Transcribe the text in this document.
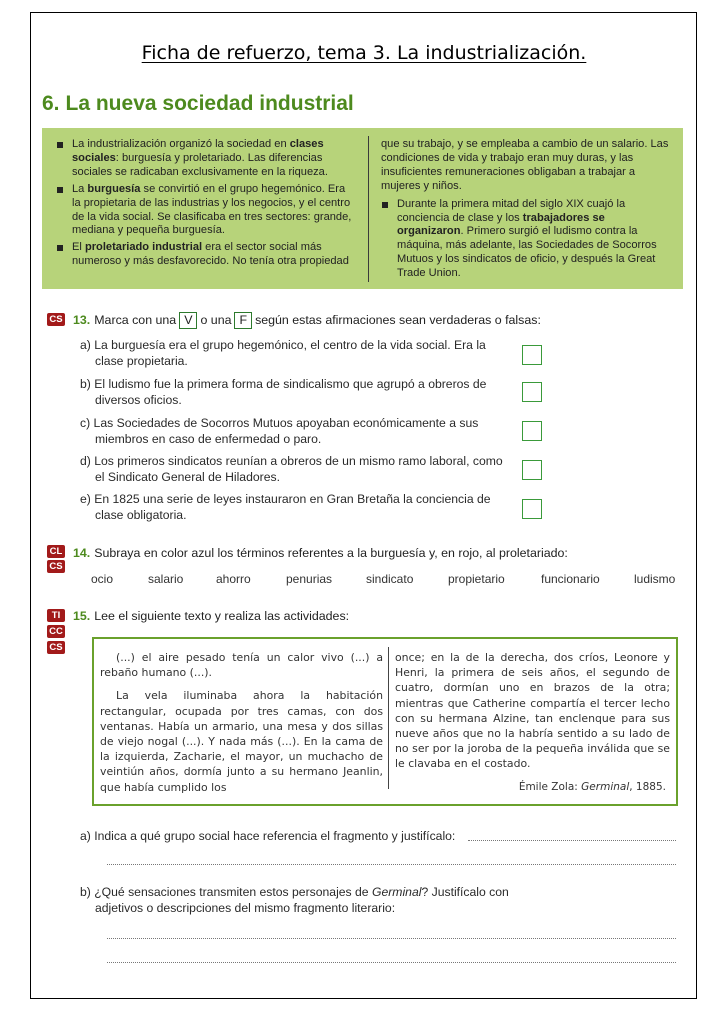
Ficha de refuerzo, tema 3. La industrialización.
6. La nueva sociedad industrial
La industrialización organizó la sociedad en clases sociales: burguesía y proletariado. Las diferencias sociales se radicaban exclusivamente en la riqueza.
La burguesía se convirtió en el grupo hegemónico. Era la propietaria de las industrias y los negocios, y el centro de la vida social. Se clasificaba en tres sectores: grande, mediana y pequeña burguesía.
El proletariado industrial era el sector social más numeroso y más desfavorecido. No tenía otra propiedad
que su trabajo, y se empleaba a cambio de un salario. Las condiciones de vida y trabajo eran muy duras, y las insuficientes remuneraciones obligaban a trabajar a mujeres y niños.
Durante la primera mitad del siglo XIX cuajó la conciencia de clase y los trabajadores se organizaron. Primero surgió el ludismo contra la máquina, más adelante, las Sociedades de Socorros Mutuos y los sindicatos de oficio, y después la Great Trade Union.
CS 13. Marca con una V o una F según estas afirmaciones sean verdaderas o falsas:
a) La burguesía era el grupo hegemónico, el centro de la vida social. Era la clase propietaria.
b) El ludismo fue la primera forma de sindicalismo que agrupó a obreros de diversos oficios.
c) Las Sociedades de Socorros Mutuos apoyaban económicamente a sus miembros en caso de enfermedad o paro.
d) Los primeros sindicatos reunían a obreros de un mismo ramo laboral, como el Sindicato General de Hiladores.
e) En 1825 una serie de leyes instauraron en Gran Bretaña la conciencia de clase obligatoria.
CL
CS
14. Subraya en color azul los términos referentes a la burguesía y, en rojo, al proletariado:
ocio	salario	ahorro	penurias	sindicato	propietario	funcionario	ludismo
TI
CC
CS
15. Lee el siguiente texto y realiza las actividades:

(...) el aire pesado tenía un calor vivo (...) a rebaño humano (...).

La vela iluminaba ahora la habitación rectangular, ocupada por tres camas, con dos ventanas. Había un armario, una mesa y dos sillas de viejo nogal (...). Y nada más (...). En la cama de la izquierda, Zacharie, el mayor, un muchacho de veintiún años, dormía junto a su hermano Jeanlin, que había cumplido los

once; en la de la derecha, dos críos, Leonore y Henri, la primera de seis años, el segundo de cuatro, dormían uno en brazos de la otra; mientras que Catherine compartía el tercer lecho con su hermana Alzine, tan enclenque para sus nueve años que no la habría sentido a su lado de no ser por la joroba de la pequeña inválida que se le clavaba en el costado.

Émile Zola: Germinal, 1885.
a) Indica a qué grupo social hace referencia el fragmento y justifícalo:
b) ¿Qué sensaciones transmiten estos personajes de Germinal? Justifícalo con adjetivos o descripciones del mismo fragmento literario:
